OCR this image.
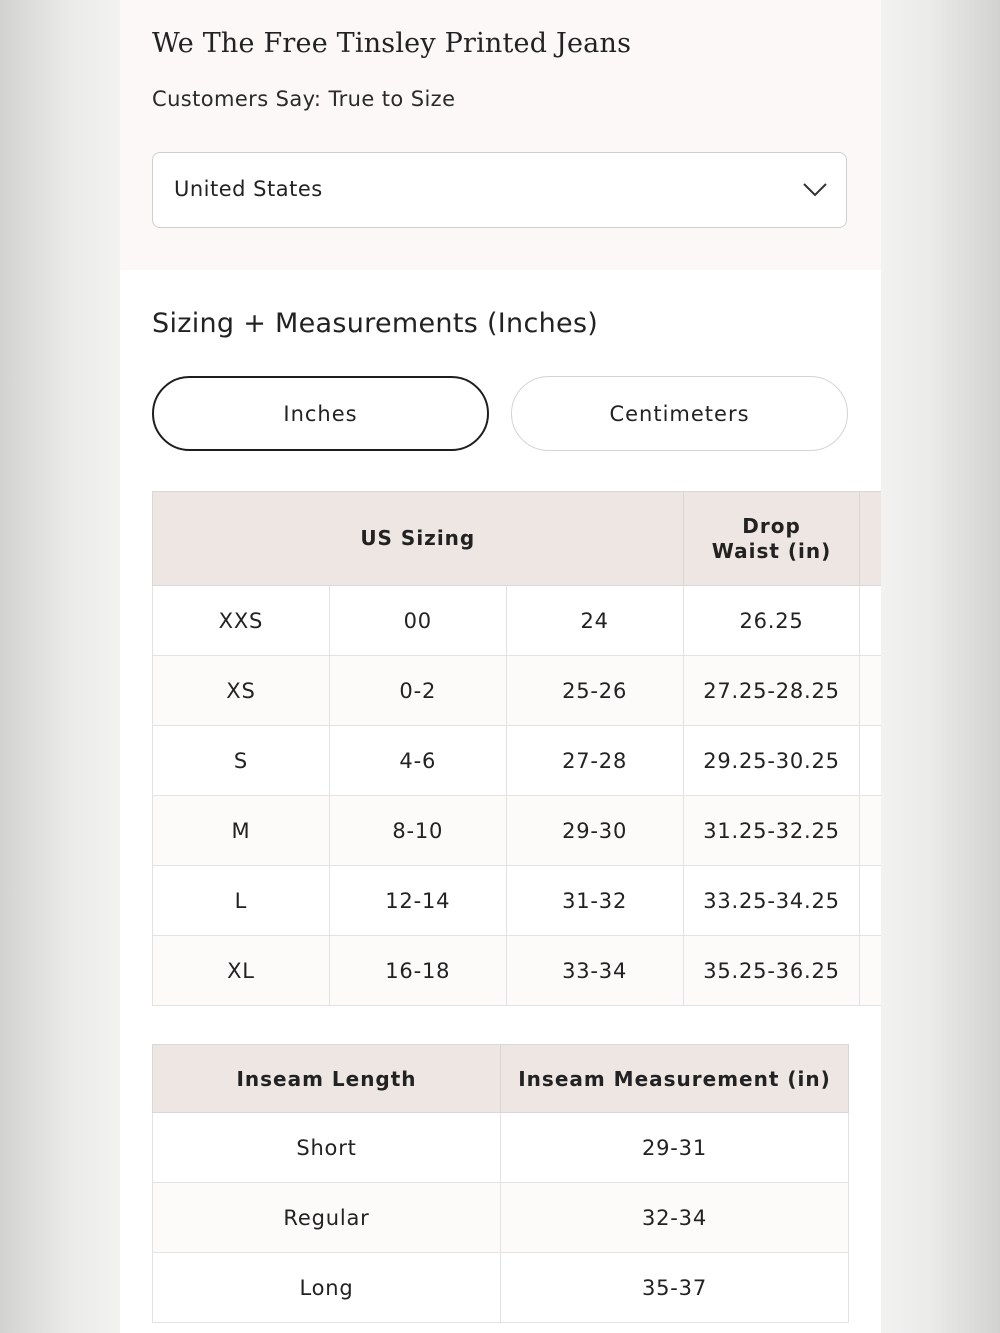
We The Free Tinsley Printed Jeans
Customers Say: True to Size
United States
Sizing + Measurements (Inches)
Inches	Centimeters
US Sizing			Drop Waist (in)	

XXS	00	24	26.25	
XS	0-2	25-26	27.25-28.25	
S	4-6	27-28	29.25-30.25	
M	8-10	29-30	31.25-32.25	
L	12-14	31-32	33.25-34.25	
XL	16-18	33-34	35.25-36.25	
Inseam Length	Inseam Measurement (in)
Short	29-31
Regular	32-34
Long	35-37
